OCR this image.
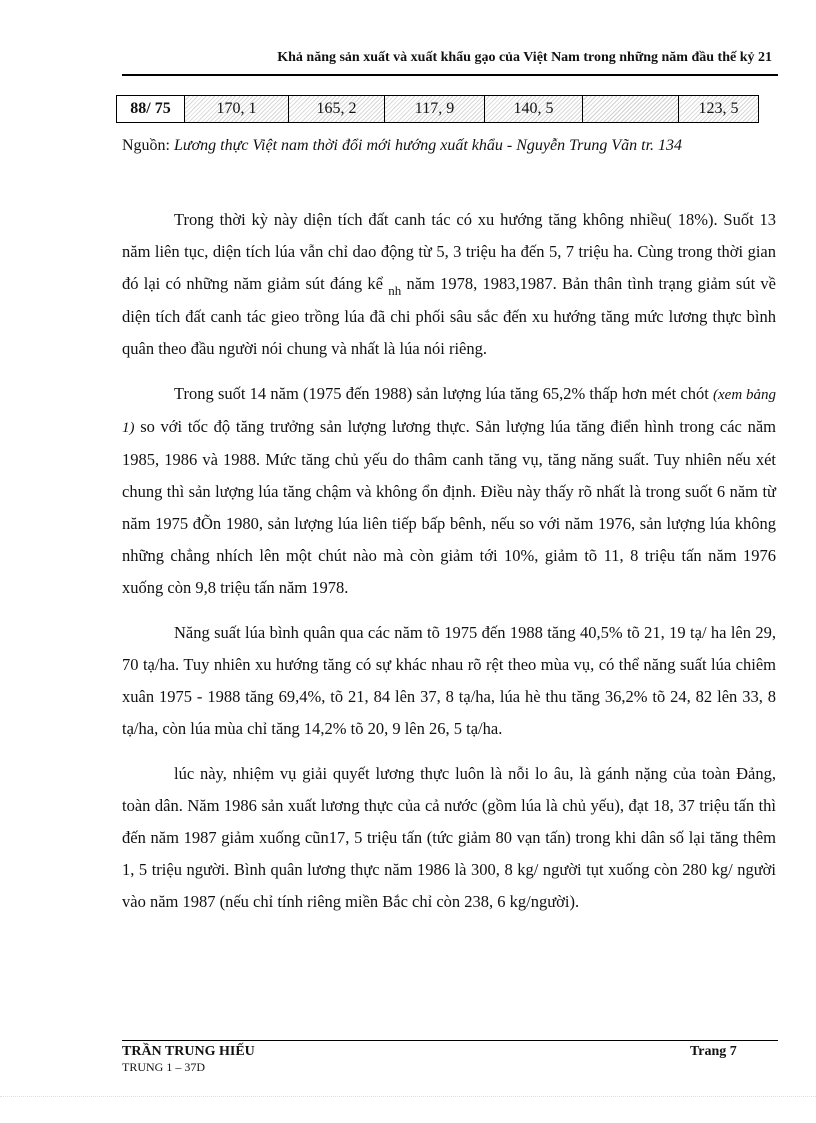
Khả năng sản xuất và xuất khẩu gạo của Việt Nam trong những năm đầu thế kỷ 21
88/ 75	170, 1	165, 2	117, 9	140, 5		123, 5
Nguồn: Lương thực Việt nam thời đổi mới hướng xuất khẩu - Nguyễn Trung Vãn tr. 134

Trong thời kỳ này diện tích đất canh tác có xu hướng tăng không nhiều( 18%). Suốt 13 năm liên tục, diện tích lúa vẫn chỉ dao động từ 5, 3 triệu ha đến 5, 7 triệu ha. Cùng trong thời gian đó lại có những năm giảm sút đáng kể $_{nh}$ năm 1978, 1983,1987. Bản thân tình trạng giảm sút về diện tích đất canh tác gieo trồng lúa đã chi phối sâu sắc đến xu hướng tăng mức lương thực bình quân theo đầu người nói chung và nhất là lúa nói riêng.

Trong suốt 14 năm (1975 đến 1988) sản lượng lúa tăng 65,2% thấp hơn mét chót (xem bảng 1) so với tốc độ tăng trưởng sản lượng lương thực. Sản lượng lúa tăng điển hình trong các năm 1985, 1986 và 1988. Mức tăng chủ yếu do thâm canh tăng vụ, tăng năng suất. Tuy nhiên nếu xét chung thì sản lượng lúa tăng chậm và không ổn định. Điều này thấy rõ nhất là trong suốt 6 năm từ năm 1975 đÕn 1980, sản lượng lúa liên tiếp bấp bênh, nếu so với năm 1976, sản lượng lúa không những chẳng nhích lên một chút nào mà còn giảm tới 10%, giảm tõ 11, 8 triệu tấn năm 1976 xuống còn 9,8 triệu tấn năm 1978.

Năng suất lúa bình quân qua các năm tõ 1975 đến 1988 tăng 40,5% tõ 21, 19 tạ/ ha lên 29, 70 tạ/ha. Tuy nhiên xu hướng tăng có sự khác nhau rõ rệt theo mùa vụ, có thể năng suất lúa chiêm xuân 1975 - 1988 tăng 69,4%, tõ 21, 84 lên 37, 8 tạ/ha, lúa hè thu tăng 36,2% tõ 24, 82 lên 33, 8 tạ/ha, còn lúa mùa chỉ tăng 14,2% tõ 20, 9 lên 26, 5 tạ/ha.

lúc này, nhiệm vụ giải quyết lương thực luôn là nỗi lo âu, là gánh nặng của toàn Đảng, toàn dân. Năm 1986 sản xuất lương thực của cả nước (gồm lúa là chủ yếu), đạt 18, 37 triệu tấn thì đến năm 1987 giảm xuống cũn17, 5 triệu tấn (tức giảm 80 vạn tấn) trong khi dân số lại tăng thêm 1, 5 triệu người. Bình quân lương thực năm 1986 là 300, 8 kg/ người tụt xuống còn 280 kg/ người vào năm 1987 (nếu chỉ tính riêng miền Bắc chỉ còn 238, 6 kg/người).

TRẦN TRUNG HIẾU
TRUNG 1 – 37D
Trang 7
